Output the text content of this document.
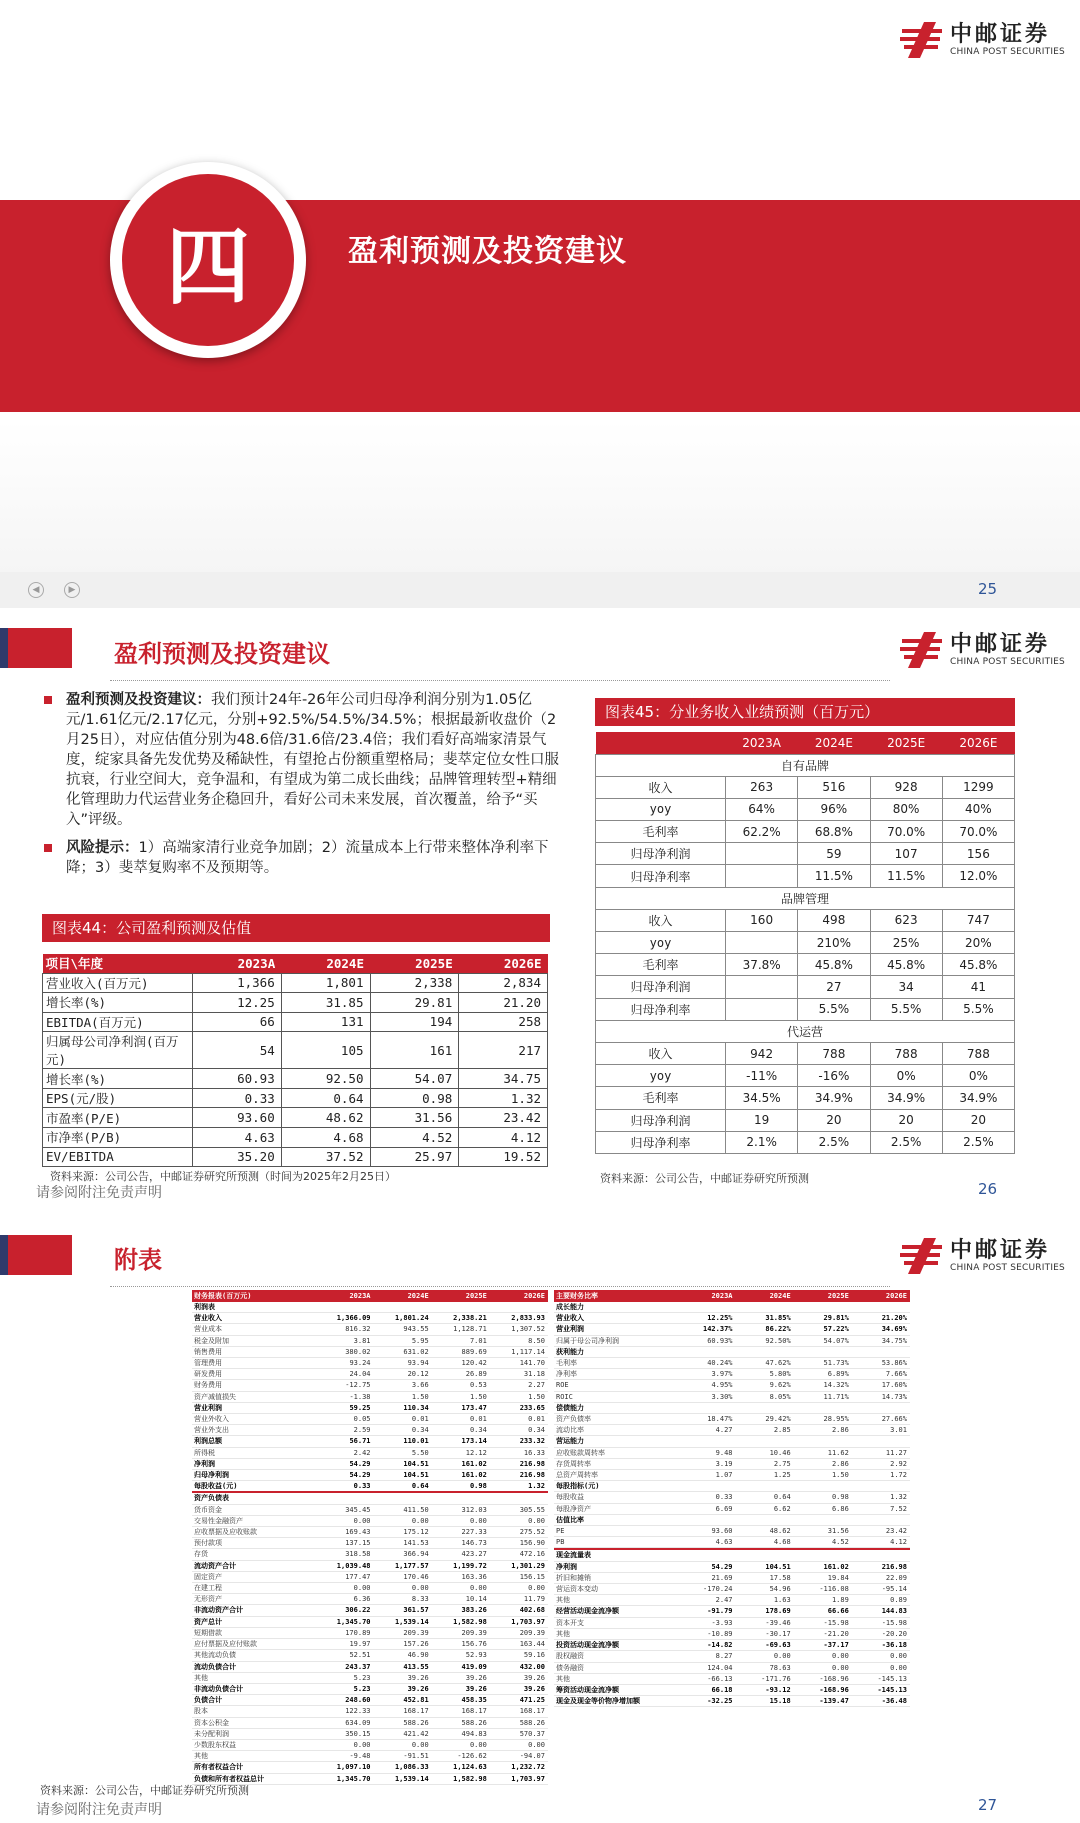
中邮证券
CHINA POST SECURITIES
四	盈利预测及投资建议
◀	▶	25
盈利预测及投资建议	中邮证券
CHINA POST SECURITIES
盈利预测及投资建议：我们预计24年-26年公司归母净利润分别为1.05亿元/1.61亿元/2.17亿元，分别+92.5%/54.5%/34.5%；根据最新收盘价（2月25日），对应估值分别为48.6倍/31.6倍/23.4倍；我们看好高端家清景气度，绽家具备先发优势及稀缺性，有望抢占份额重塑格局；斐萃定位女性口服抗衰，行业空间大，竞争温和，有望成为第二成长曲线；品牌管理转型+精细化管理助力代运营业务企稳回升，看好公司未来发展，首次覆盖，给予“买入”评级。
风险提示：1）高端家清行业竞争加剧；2）流量成本上行带来整体净利率下降；3）斐萃复购率不及预期等。
图表44：公司盈利预测及估值
项目\年度	2023A	2024E	2025E	2026E
营业收入(百万元)	1,366	1,801	2,338	2,834
增长率(%)	12.25	31.85	29.81	21.20
EBITDA(百万元)	66	131	194	258
归属母公司净利润(百万元)	54	105	161	217
增长率(%)	60.93	92.50	54.07	34.75
EPS(元/股)	0.33	0.64	0.98	1.32
市盈率(P/E)	93.60	48.62	31.56	23.42
市净率(P/B)	4.63	4.68	4.52	4.12
EV/EBITDA	35.20	37.52	25.97	19.52
资料来源：公司公告，中邮证券研究所预测（时间为2025年2月25日）
图表45：分业务收入业绩预测（百万元）
	2023A	2024E	2025E	2026E
自有品牌				
收入	263	516	928	1299
yoy	64%	96%	80%	40%
毛利率	62.2%	68.8%	70.0%	70.0%
归母净利润		59	107	156
归母净利率		11.5%	11.5%	12.0%
品牌管理				
收入	160	498	623	747
yoy		210%	25%	20%
毛利率	37.8%	45.8%	45.8%	45.8%
归母净利润		27	34	41
归母净利率		5.5%	5.5%	5.5%
代运营				
收入	942	788	788	788
yoy	-11%	-16%	0%	0%
毛利率	34.5%	34.9%	34.9%	34.9%
归母净利润	19	20	20	20
归母净利率	2.1%	2.5%	2.5%	2.5%
资料来源：公司公告，中邮证券研究所预测
请参阅附注免责声明	26
附表	中邮证券
CHINA POST SECURITIES
财务报表(百万元)	2023A	2024E	2025E	2026E
利润表
营业收入	1,366.09	1,801.24	2,338.21	2,833.93
营业成本	816.32	943.55	1,128.71	1,307.52
税金及附加	3.81	5.95	7.01	8.50
销售费用	380.02	631.02	889.69	1,117.14
管理费用	93.24	93.94	120.42	141.70
研发费用	24.04	20.12	26.89	31.18
财务费用	-12.75	3.66	0.53	2.27
资产减值损失	-1.38	1.50	1.50	1.50
营业利润	59.25	110.34	173.47	233.65
营业外收入	0.05	0.01	0.01	0.01
营业外支出	2.59	0.34	0.34	0.34
利润总额	56.71	110.01	173.14	233.32
所得税	2.42	5.50	12.12	16.33
净利润	54.29	104.51	161.02	216.98
归母净利润	54.29	104.51	161.02	216.98
每股收益(元)	0.33	0.64	0.98	1.32
资产负债表
货币资金	345.45	411.50	312.03	305.55
交易性金融资产	0.00	0.00	0.00	0.00
应收票据及应收账款	169.43	175.12	227.33	275.52
预付款项	137.15	141.53	146.73	156.90
存货	318.58	366.94	423.27	472.16
流动资产合计	1,039.48	1,177.57	1,199.72	1,301.29
固定资产	177.47	170.46	163.36	156.15
在建工程	0.00	0.00	0.00	0.00
无形资产	6.36	8.33	10.14	11.79
非流动资产合计	306.22	361.57	383.26	402.68
资产总计	1,345.70	1,539.14	1,582.98	1,703.97
短期借款	170.89	209.39	209.39	209.39
应付票据及应付账款	19.97	157.26	156.76	163.44
其他流动负债	52.51	46.90	52.93	59.16
流动负债合计	243.37	413.55	419.09	432.00
其他	5.23	39.26	39.26	39.26
非流动负债合计	5.23	39.26	39.26	39.26
负债合计	248.60	452.81	458.35	471.25
股本	122.33	168.17	168.17	168.17
资本公积金	634.09	588.26	588.26	588.26
未分配利润	350.15	421.42	494.83	570.37
少数股东权益	0.00	0.00	0.00	0.00
其他	-9.48	-91.51	-126.62	-94.07
所有者权益合计	1,097.10	1,086.33	1,124.63	1,232.72
负债和所有者权益总计	1,345.70	1,539.14	1,582.98	1,703.97
主要财务比率	2023A	2024E	2025E	2026E
成长能力
营业收入	12.25%	31.85%	29.81%	21.20%
营业利润	142.37%	86.22%	57.22%	34.69%
归属于母公司净利润	60.93%	92.50%	54.07%	34.75%
获利能力
毛利率	40.24%	47.62%	51.73%	53.86%
净利率	3.97%	5.80%	6.89%	7.66%
ROE	4.95%	9.62%	14.32%	17.60%
ROIC	3.30%	8.05%	11.71%	14.73%
偿债能力
资产负债率	18.47%	29.42%	28.95%	27.66%
流动比率	4.27	2.85	2.86	3.01
营运能力
应收账款周转率	9.48	10.46	11.62	11.27
存货周转率	3.19	2.75	2.86	2.92
总资产周转率	1.07	1.25	1.50	1.72
每股指标(元)
每股收益	0.33	0.64	0.98	1.32
每股净资产	6.69	6.62	6.86	7.52
估值比率
PE	93.60	48.62	31.56	23.42
PB	4.63	4.68	4.52	4.12
现金流量表
净利润	54.29	104.51	161.02	216.98
折旧和摊销	21.69	17.58	19.84	22.09
营运资本变动	-170.24	54.96	-116.08	-95.14
其他	2.47	1.63	1.89	0.89
经营活动现金流净额	-91.79	178.69	66.66	144.83
资本开支	-3.93	-39.46	-15.98	-15.98
其他	-10.89	-30.17	-21.20	-20.20
投资活动现金流净额	-14.82	-69.63	-37.17	-36.18
股权融资	8.27	0.00	0.00	0.00
债务融资	124.04	78.63	0.00	0.00
其他	-66.13	-171.76	-168.96	-145.13
筹资活动现金流净额	66.18	-93.12	-168.96	-145.13
现金及现金等价物净增加额	-32.25	15.18	-139.47	-36.48
资料来源：公司公告，中邮证券研究所预测
请参阅附注免责声明	27
